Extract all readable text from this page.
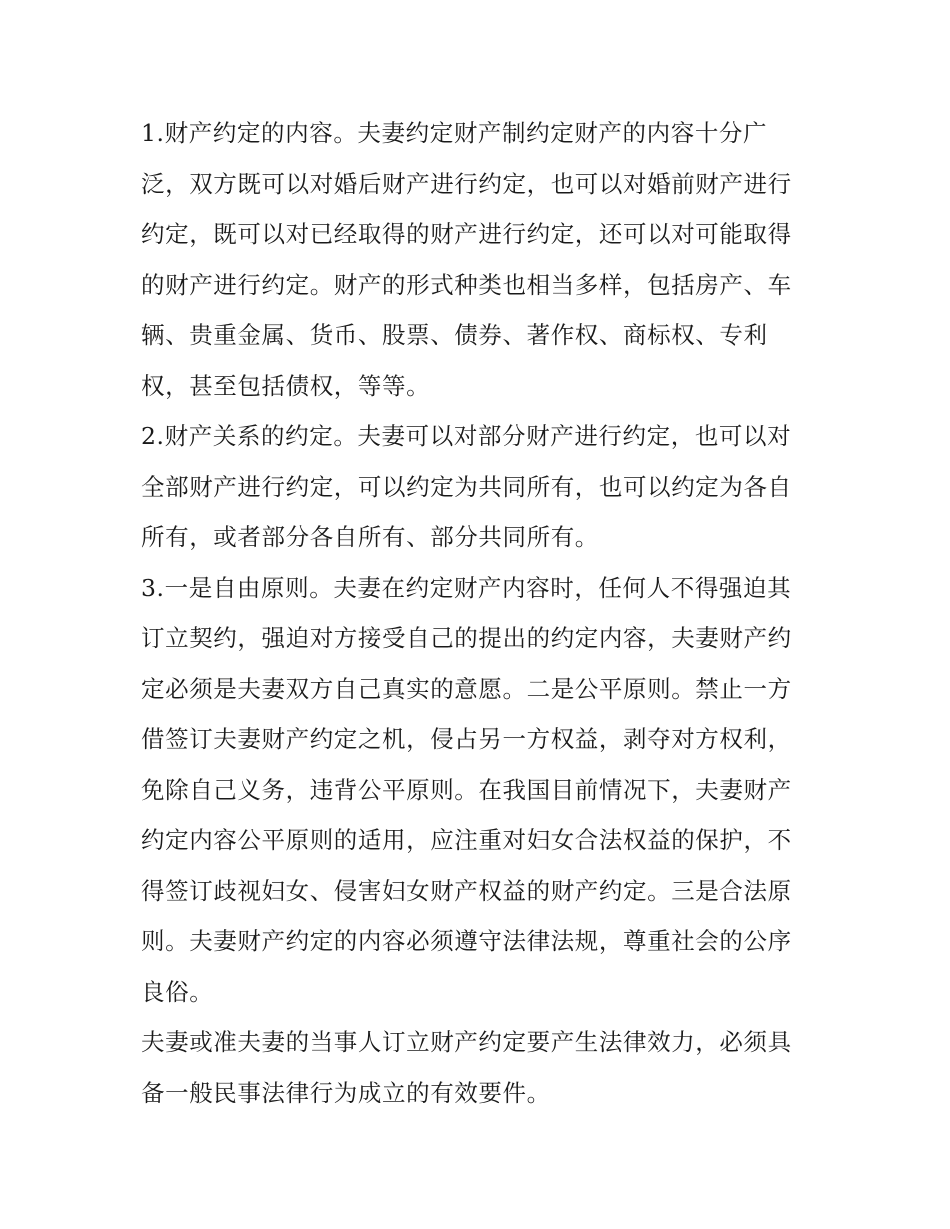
1.财产约定的内容。夫妻约定财产制约定财产的内容十分广
泛，双方既可以对婚后财产进行约定，也可以对婚前财产进行
约定，既可以对已经取得的财产进行约定，还可以对可能取得
的财产进行约定。财产的形式种类也相当多样，包括房产、车
辆、贵重金属、货币、股票、债券、著作权、商标权、专利
权，甚至包括债权，等等。
2.财产关系的约定。夫妻可以对部分财产进行约定，也可以对
全部财产进行约定，可以约定为共同所有，也可以约定为各自
所有，或者部分各自所有、部分共同所有。
3.一是自由原则。夫妻在约定财产内容时，任何人不得强迫其
订立契约，强迫对方接受自己的提出的约定内容，夫妻财产约
定必须是夫妻双方自己真实的意愿。二是公平原则。禁止一方
借签订夫妻财产约定之机，侵占另一方权益，剥夺对方权利，
免除自己义务，违背公平原则。在我国目前情况下，夫妻财产
约定内容公平原则的适用，应注重对妇女合法权益的保护，不
得签订歧视妇女、侵害妇女财产权益的财产约定。三是合法原
则。夫妻财产约定的内容必须遵守法律法规，尊重社会的公序
良俗。
夫妻或准夫妻的当事人订立财产约定要产生法律效力，必须具
备一般民事法律行为成立的有效要件。
